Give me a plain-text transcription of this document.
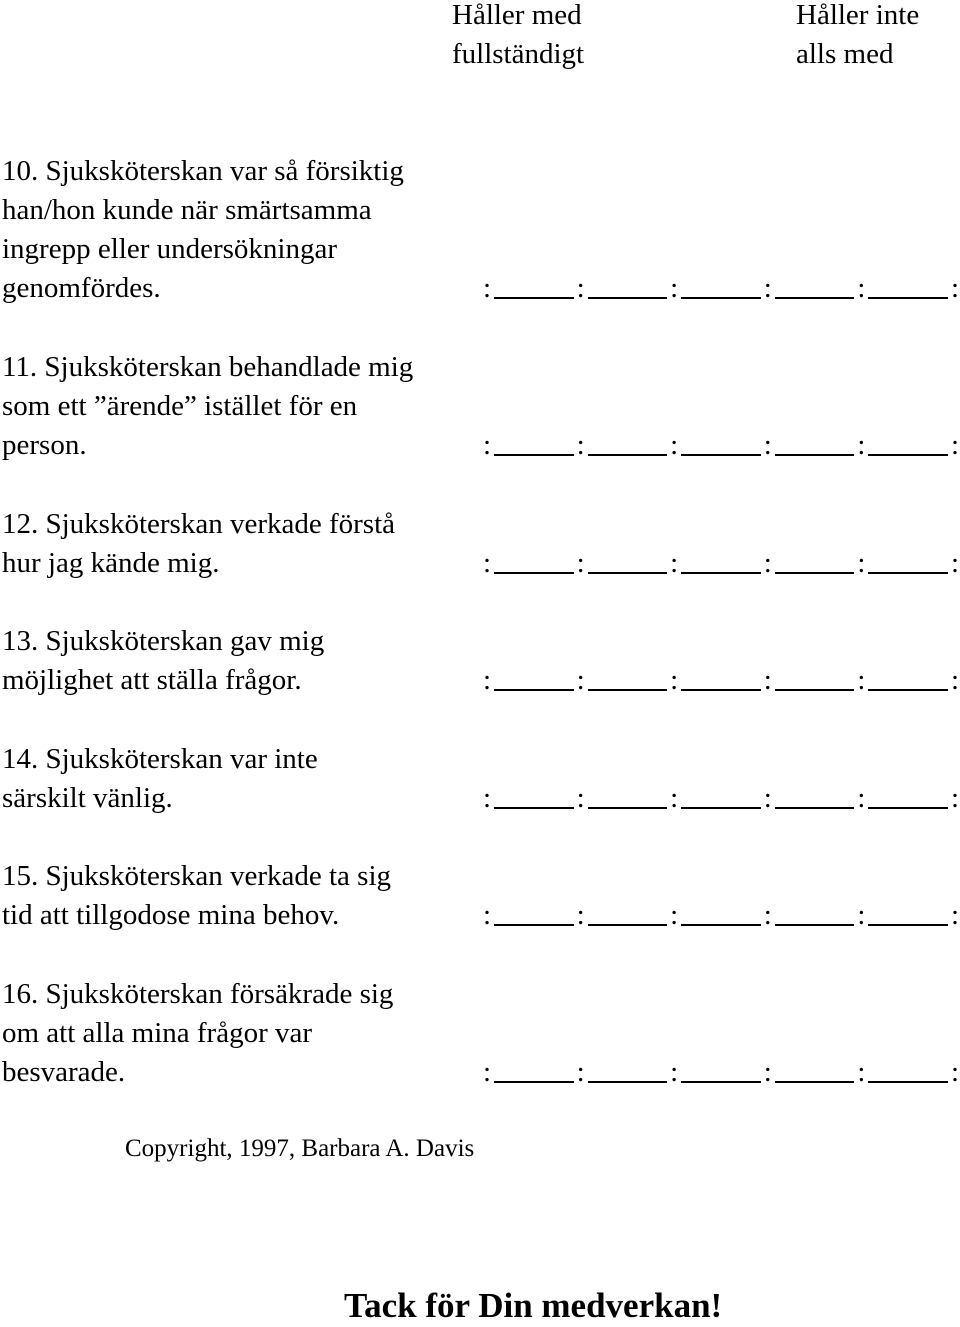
Håller med
fullständigt
Håller inte
alls med
10. Sjuksköterskan var så försiktig
han/hon kunde när smärtsamma
ingrepp eller undersökningar
genomfördes.	:	:	:	:	:	:
11. Sjuksköterskan behandlade mig
som ett ”ärende” istället för en
person.	:	:	:	:	:	:
12. Sjuksköterskan verkade förstå
hur jag kände mig.	:	:	:	:	:	:
13. Sjuksköterskan gav mig
möjlighet att ställa frågor.	:	:	:	:	:	:
14. Sjuksköterskan var inte
särskilt vänlig.	:	:	:	:	:	:
15. Sjuksköterskan verkade ta sig
tid att tillgodose mina behov.	:	:	:	:	:	:
16. Sjuksköterskan försäkrade sig
om att alla mina frågor var
besvarade.	:	:	:	:	:	:
Copyright, 1997, Barbara A. Davis
Tack för Din medverkan!
